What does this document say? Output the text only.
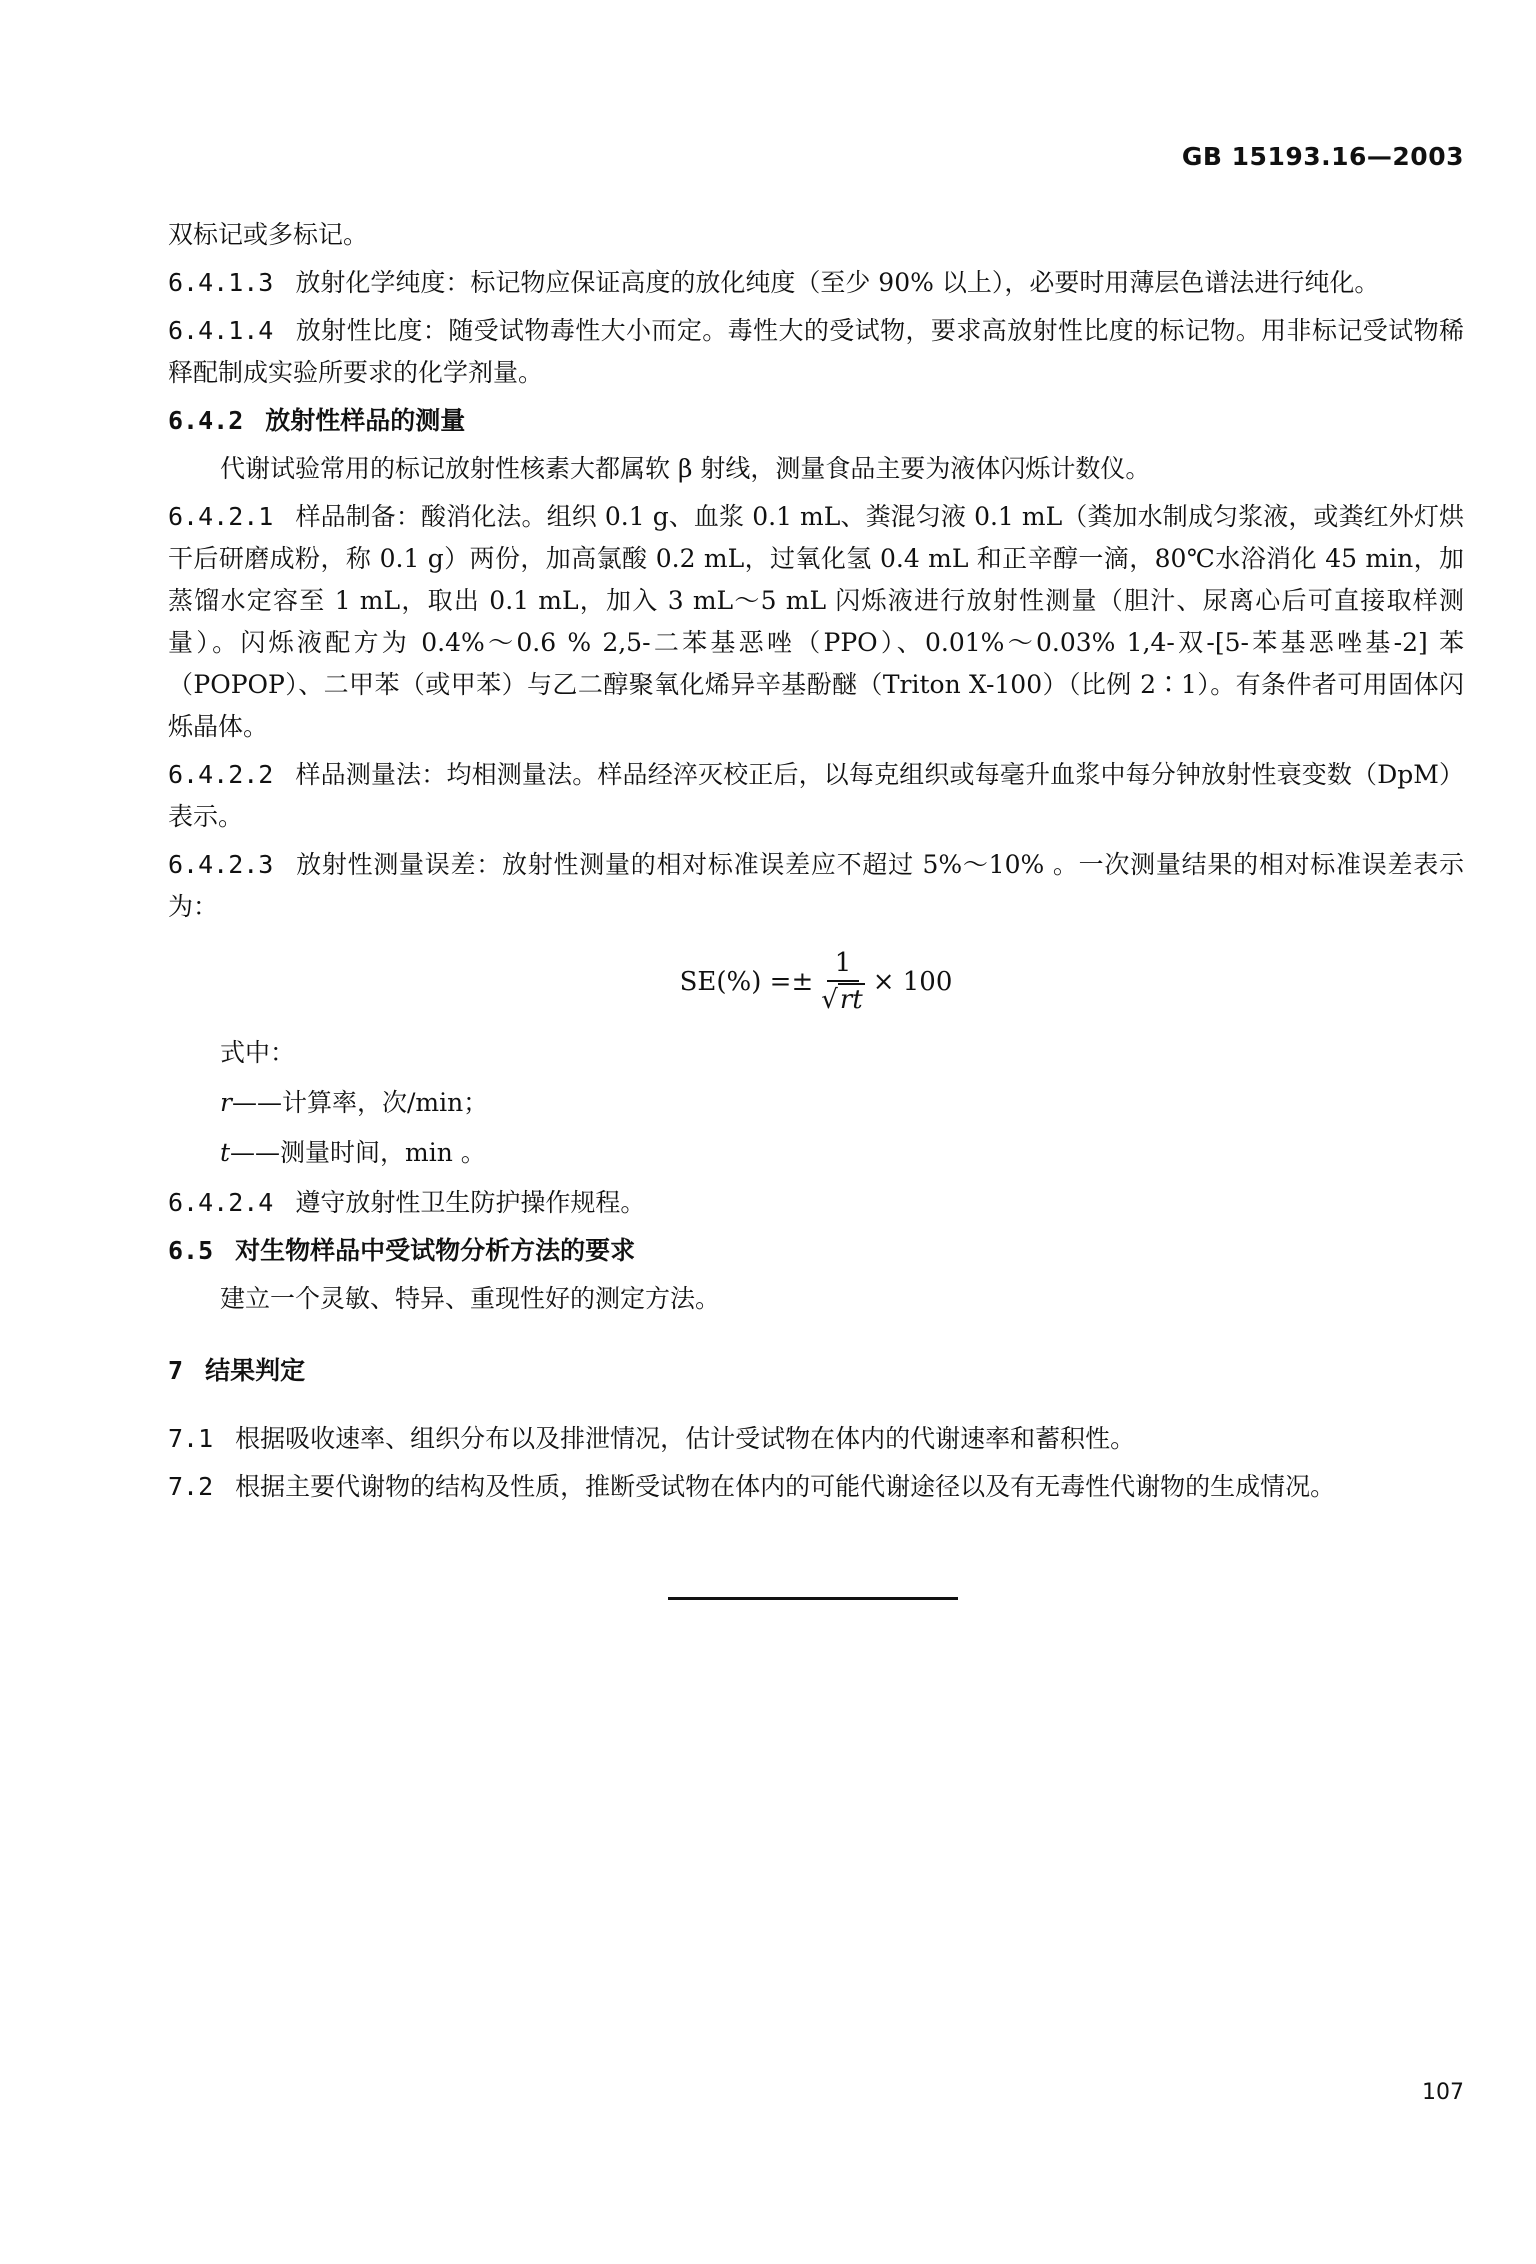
GB 15193.16—2003

双标记或多标记。

6.4.1.3 放射化学纯度：标记物应保证高度的放化纯度（至少 90% 以上），必要时用薄层色谱法进行纯化。

6.4.1.4 放射性比度：随受试物毒性大小而定。毒性大的受试物，要求高放射性比度的标记物。用非标记受试物稀释配制成实验所要求的化学剂量。

6.4.2 放射性样品的测量

代谢试验常用的标记放射性核素大都属软 β 射线，测量食品主要为液体闪烁计数仪。

6.4.2.1 样品制备：酸消化法。组织 0.1 g、血浆 0.1 mL、粪混匀液 0.1 mL（粪加水制成匀浆液，或粪红外灯烘干后研磨成粉，称 0.1 g）两份，加高氯酸 0.2 mL，过氧化氢 0.4 mL 和正辛醇一滴，80℃水浴消化 45 min，加蒸馏水定容至 1 mL，取出 0.1 mL，加入 3 mL～5 mL 闪烁液进行放射性测量（胆汁、尿离心后可直接取样测量）。闪烁液配方为 0.4%～0.6 % 2,5-二苯基恶唑（PPO）、0.01%～0.03% 1,4-双-[5-苯基恶唑基-2] 苯（POPOP）、二甲苯（或甲苯）与乙二醇聚氧化烯异辛基酚醚（Triton X-100）（比例 2∶1）。有条件者可用固体闪烁晶体。

6.4.2.2 样品测量法：均相测量法。样品经淬灭校正后，以每克组织或每毫升血浆中每分钟放射性衰变数（DpM）表示。

6.4.2.3 放射性测量误差：放射性测量的相对标准误差应不超过 5%～10% 。一次测量结果的相对标准误差表示为：

$SE(\%) =\pm \frac{1}{√rt} \times 100$

式中：

r——计算率，次/min；

t——测量时间，min 。

6.4.2.4 遵守放射性卫生防护操作规程。

6.5 对生物样品中受试物分析方法的要求

建立一个灵敏、特异、重现性好的测定方法。

7 结果判定

7.1 根据吸收速率、组织分布以及排泄情况，估计受试物在体内的代谢速率和蓄积性。

7.2 根据主要代谢物的结构及性质，推断受试物在体内的可能代谢途径以及有无毒性代谢物的生成情况。

107
